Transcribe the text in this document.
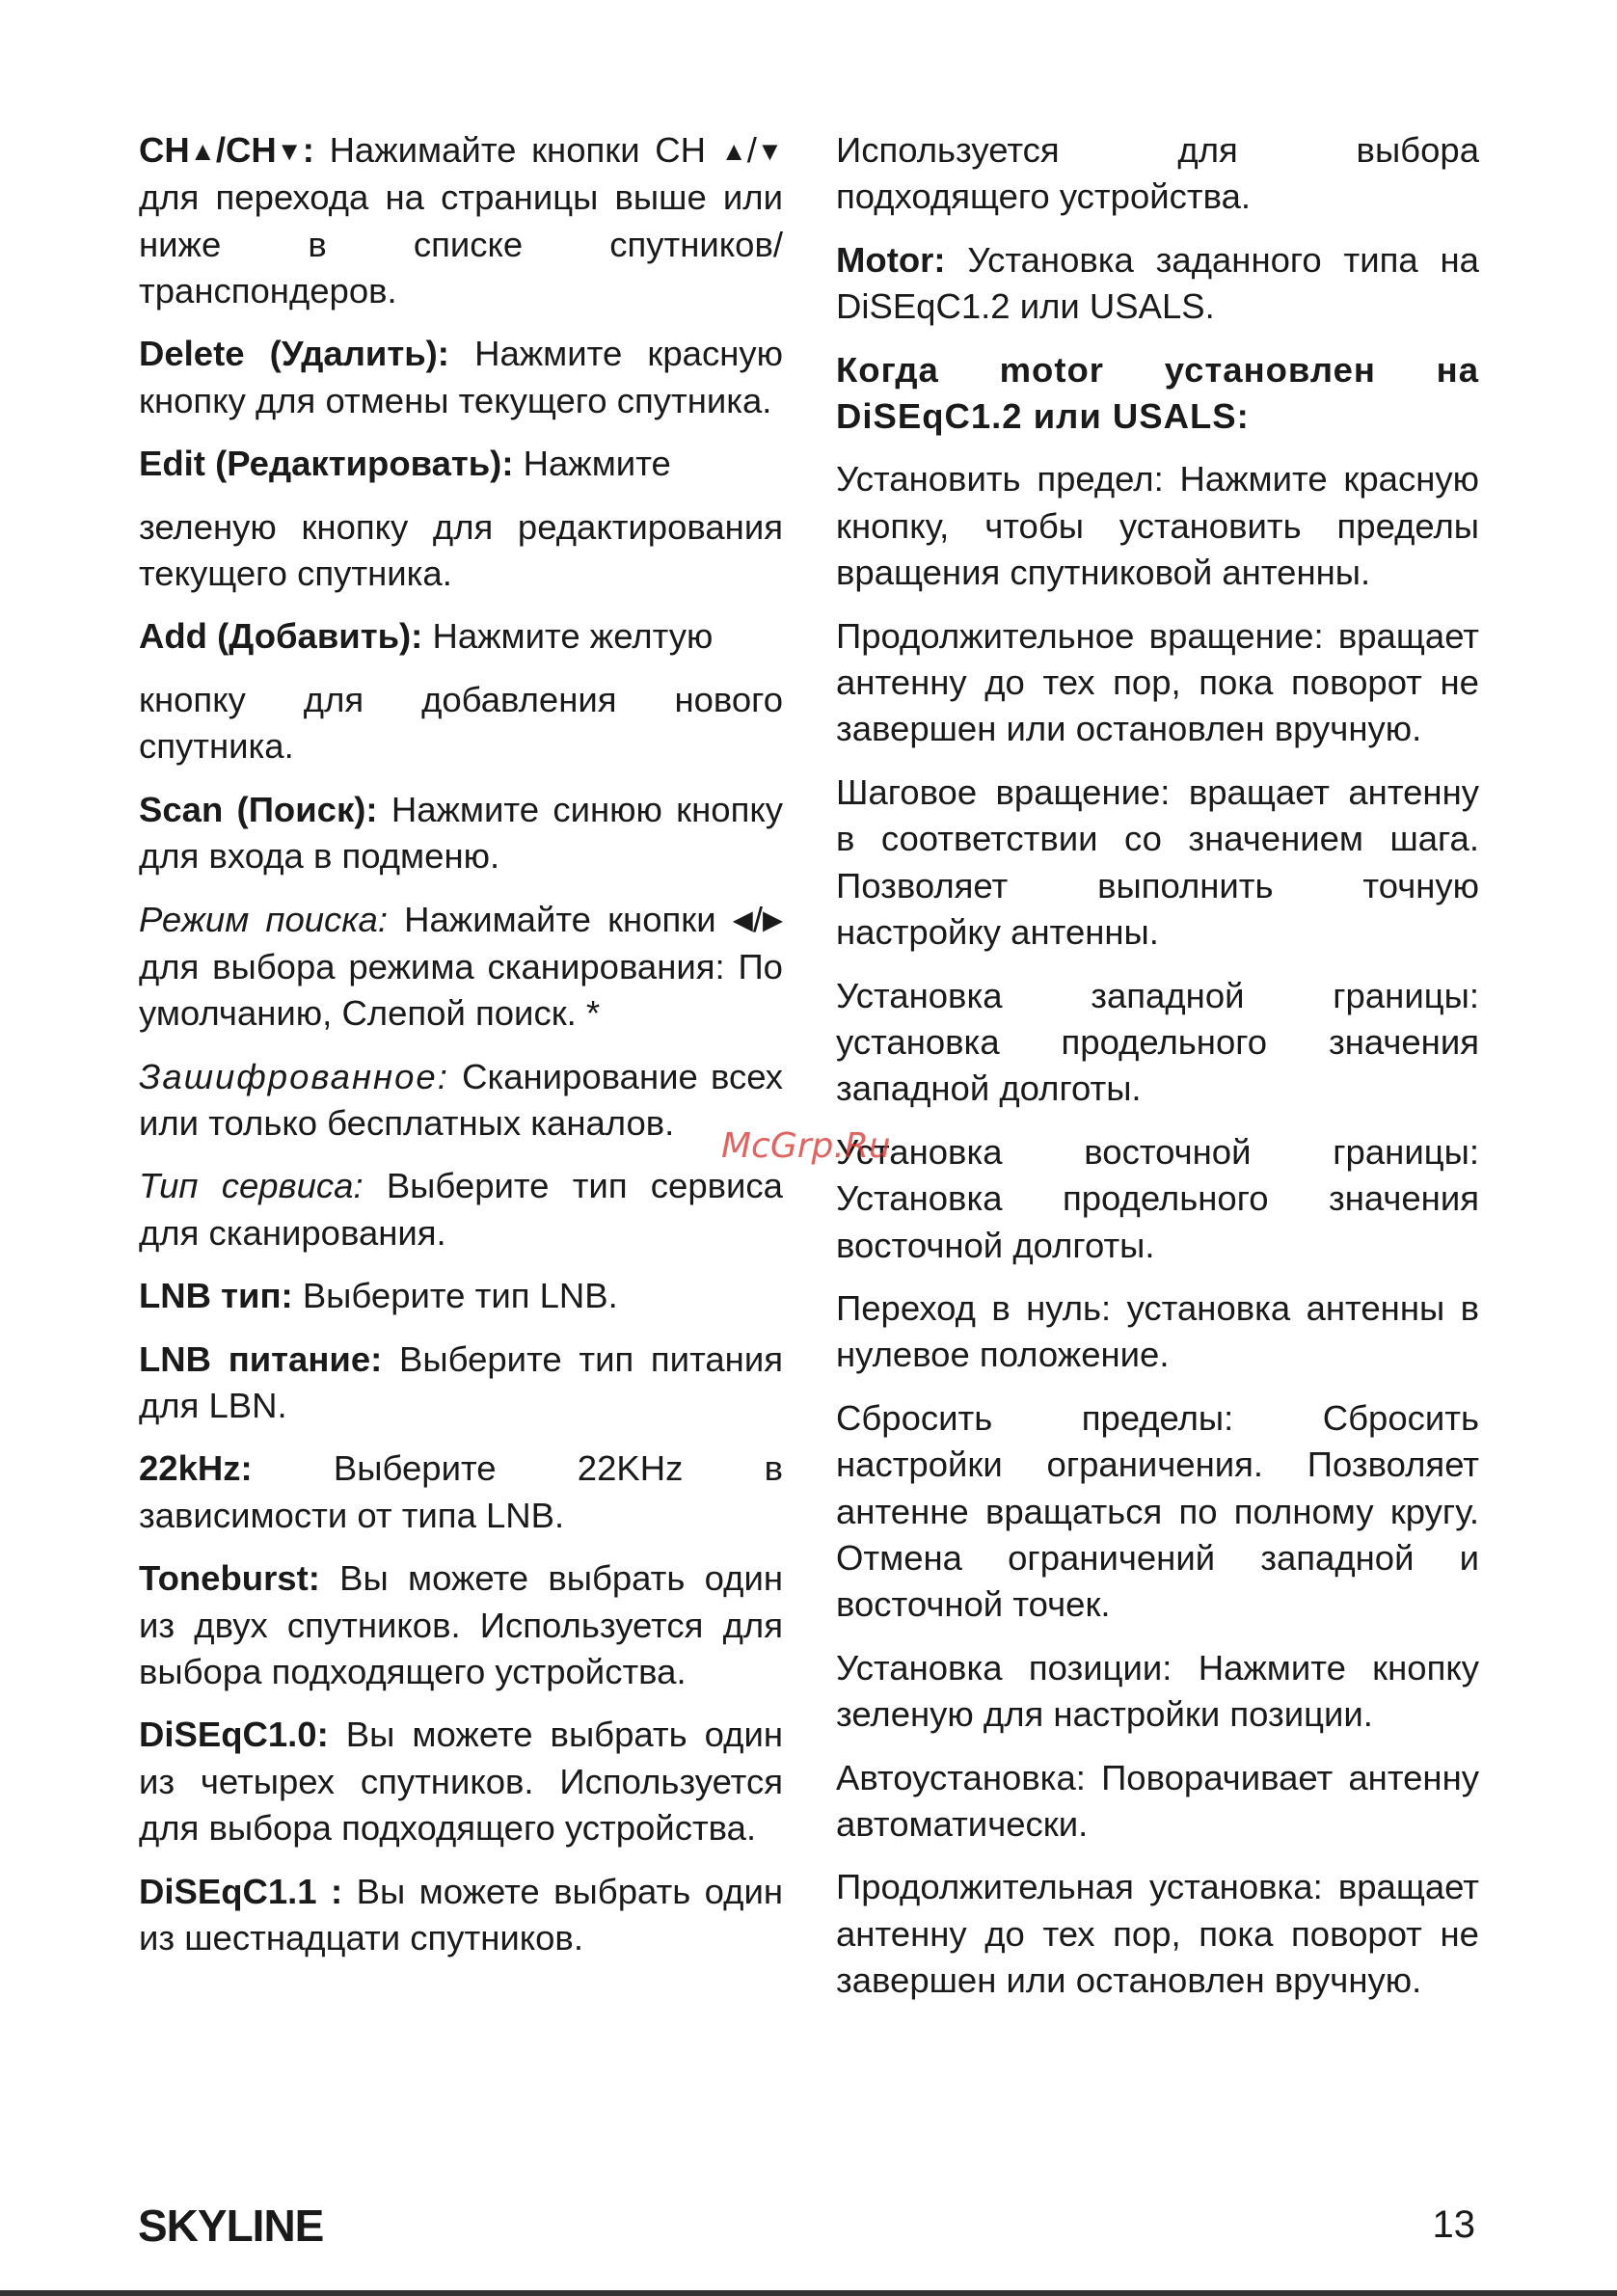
CH▲/CH▼: Нажимайте кнопки CH ▲/▼ для перехода на страницы выше или ниже в списке спутников/ транспондеров.

Delete (Удалить): Нажмите красную кнопку для отмены текущего спутника.

Edit (Редактировать): Нажмите

зеленую кнопку для редактирования текущего спутника.

Add (Добавить): Нажмите желтую

кнопку для добавления нового спутника.

Scan (Поиск): Нажмите синюю кнопку для входа в подменю.

Режим поиска: Нажимайте кнопки ◀/▶ для выбора режима сканирования: По умолчанию, Слепой поиск. *

Зашифрованное: Сканирование всех или только бесплатных каналов.

Тип сервиса: Выберите тип сервиса для сканирования.

LNB тип: Выберите тип LNB.

LNB питание: Выберите тип питания для LBN.

22kHz: Выберите 22KHz в зависимости от типа LNB.

Toneburst: Вы можете выбрать один из двух спутников. Используется для выбора подходящего устройства.

DiSEqC1.0: Вы можете выбрать один из четырех спутников. Используется для выбора подходящего устройства.

DiSEqC1.1 : Вы можете выбрать один из шестнадцати спутников.

Используется для выбора подходящего устройства.

Motor: Установка заданного типа на DiSEqC1.2 или USALS.

Когда motor установлен на DiSEqC1.2 или USALS:

Установить предел: Нажмите красную кнопку, чтобы установить пределы вращения спутниковой антенны.

Продолжительное вращение: вращает антенну до тех пор, пока поворот не завершен или остановлен вручную.

Шаговое вращение: вращает антенну в соответствии со значением шага. Позволяет выполнить точную настройку антенны.

Установка западной границы: установка продельного значения западной долготы.

Установка восточной границы: Установка продельного значения восточной долготы.

Переход в нуль: установка антенны в нулевое положение.

Сбросить пределы: Сбросить настройки ограничения. Позволяет антенне вращаться по полному кругу. Отмена ограничений западной и восточной точек.

Установка позиции: Нажмите кнопку зеленую для настройки позиции.

Автоустановка: Поворачивает антенну автоматически.

Продолжительная установка: вращает антенну до тех пор, пока поворот не завершен или остановлен вручную.

McGrp.Ru
SKYLINE	13
